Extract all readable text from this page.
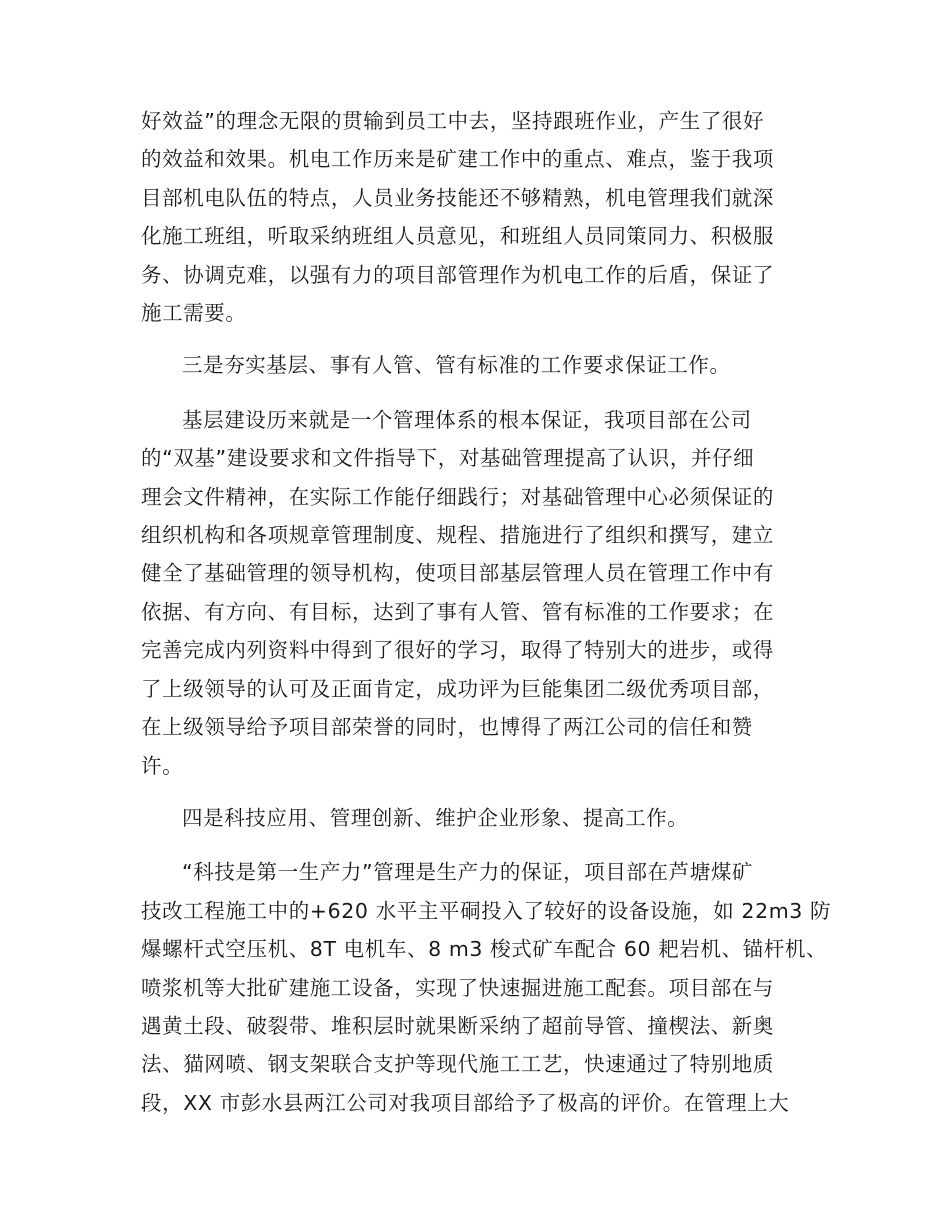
好效益”的理念无限的贯输到员工中去，坚持跟班作业，产生了很好
的效益和效果。机电工作历来是矿建工作中的重点、难点，鉴于我项
目部机电队伍的特点，人员业务技能还不够精熟，机电管理我们就深
化施工班组，听取采纳班组人员意见，和班组人员同策同力、积极服
务、协调克难，以强有力的项目部管理作为机电工作的后盾，保证了
施工需要。

三是夯实基层、事有人管、管有标准的工作要求保证工作。

基层建设历来就是一个管理体系的根本保证，我项目部在公司
的“双基”建设要求和文件指导下，对基础管理提高了认识，并仔细
理会文件精神，在实际工作能仔细践行；对基础管理中心必须保证的
组织机构和各项规章管理制度、规程、措施进行了组织和撰写，建立
健全了基础管理的领导机构，使项目部基层管理人员在管理工作中有
依据、有方向、有目标，达到了事有人管、管有标准的工作要求；在
完善完成内列资料中得到了很好的学习，取得了特别大的进步，或得
了上级领导的认可及正面肯定，成功评为巨能集团二级优秀项目部，
在上级领导给予项目部荣誉的同时，也博得了两江公司的信任和赞
许。

四是科技应用、管理创新、维护企业形象、提高工作。

“科技是第一生产力”管理是生产力的保证，项目部在芦塘煤矿
技改工程施工中的+620 水平主平硐投入了较好的设备设施，如 22m3 防
爆螺杆式空压机、8T 电机车、8 m3 梭式矿车配合 60 耙岩机、锚杆机、
喷浆机等大批矿建施工设备，实现了快速掘进施工配套。项目部在与
遇黄土段、破裂带、堆积层时就果断采纳了超前导管、撞楔法、新奥
法、猫网喷、钢支架联合支护等现代施工工艺，快速通过了特别地质
段，XX 市彭水县两江公司对我项目部给予了极高的评价。在管理上大
